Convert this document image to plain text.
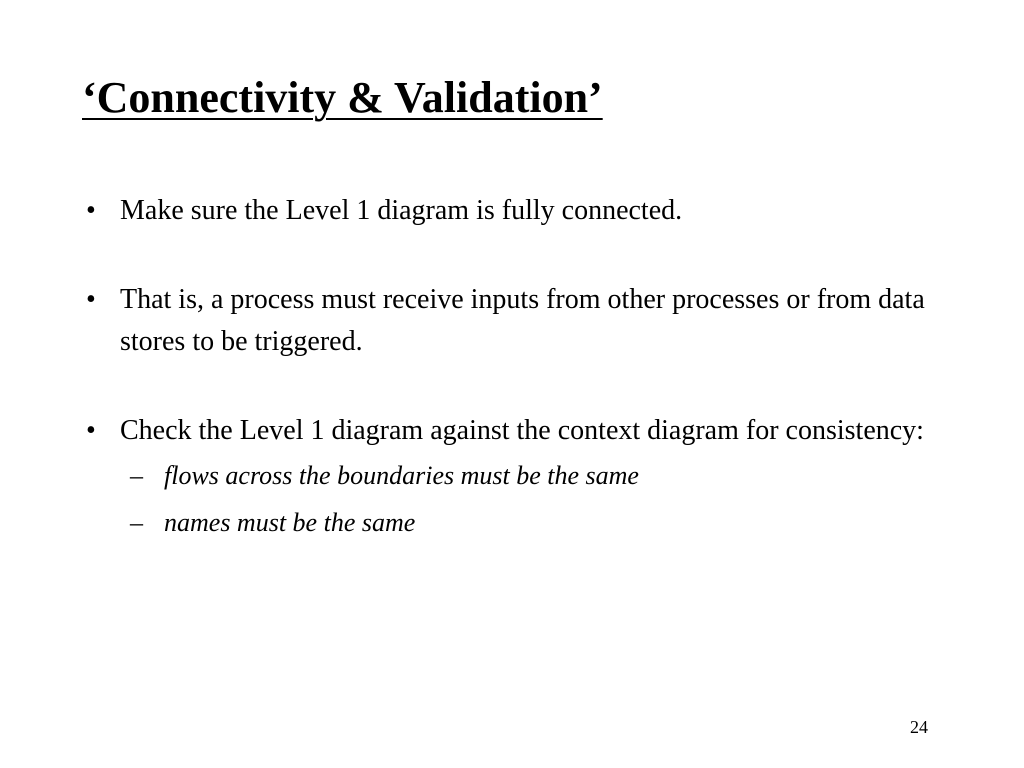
‘Connectivity & Validation’
• Make sure the Level 1 diagram is fully connected.
• That is, a process must receive inputs from other processes or from data stores to be triggered.
• Check the Level 1 diagram against the context diagram for consistency:
– flows across the boundaries must be the same
– names must be the same
24
